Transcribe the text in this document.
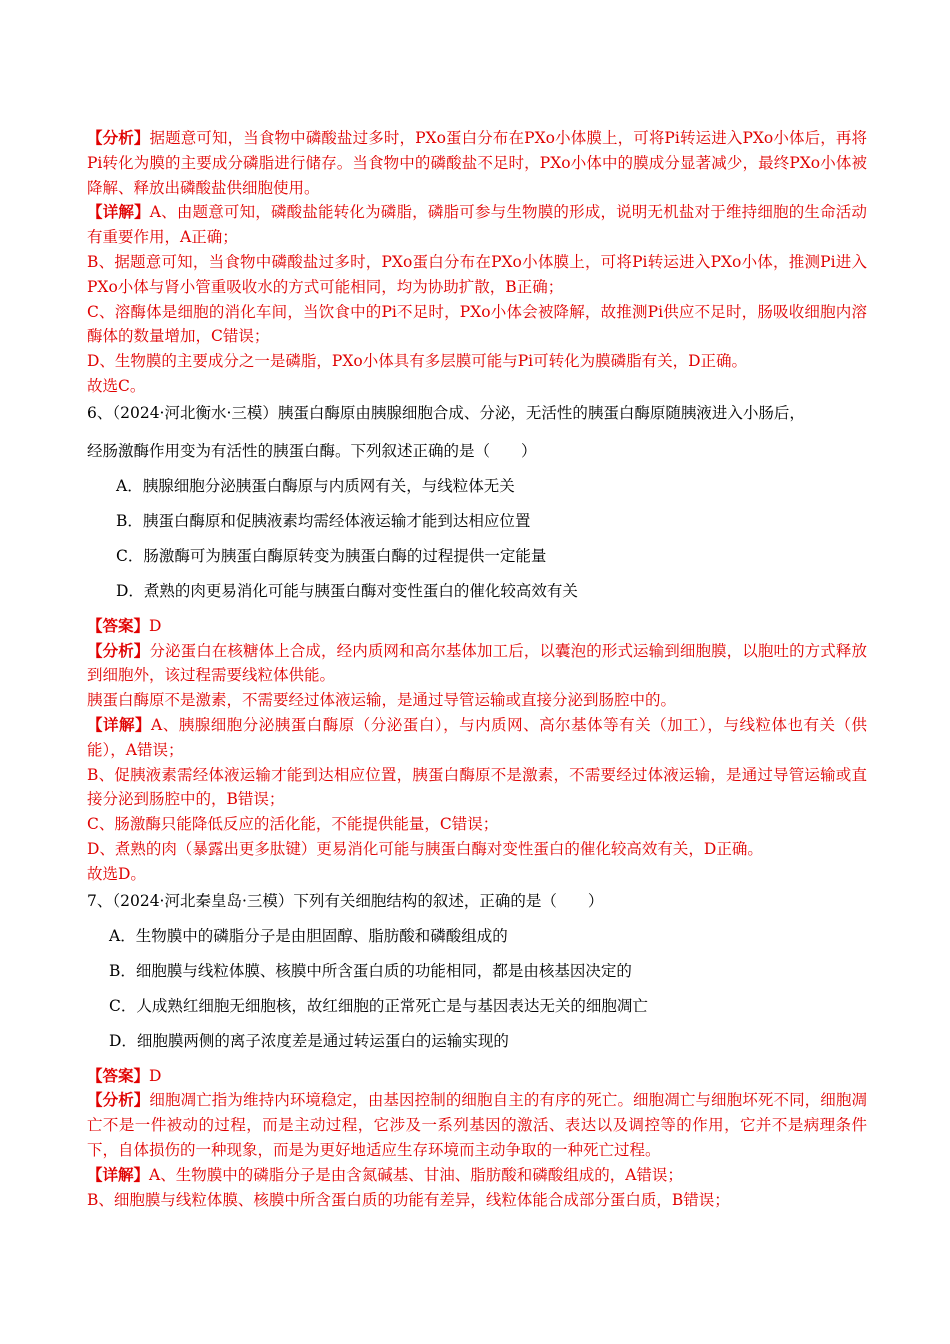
【分析】据题意可知，当食物中磷酸盐过多时，PXo蛋白分布在PXo小体膜上，可将Pi转运进入PXo小体后，再将Pi转化为膜的主要成分磷脂进行储存。当食物中的磷酸盐不足时，PXo小体中的膜成分显著减少，最终PXo小体被降解、释放出磷酸盐供细胞使用。

【详解】A、由题意可知，磷酸盐能转化为磷脂，磷脂可参与生物膜的形成，说明无机盐对于维持细胞的生命活动有重要作用，A正确；

B、据题意可知，当食物中磷酸盐过多时，PXo蛋白分布在PXo小体膜上，可将Pi转运进入PXo小体，推测Pi进入PXo小体与肾小管重吸收水的方式可能相同，均为协助扩散，B正确；

C、溶酶体是细胞的消化车间，当饮食中的Pi不足时，PXo小体会被降解，故推测Pi供应不足时，肠吸收细胞内溶酶体的数量增加，C错误；

D、生物膜的主要成分之一是磷脂，PXo小体具有多层膜可能与Pi可转化为膜磷脂有关，D正确。

故选C。

6、（2024·河北衡水·三模）胰蛋白酶原由胰腺细胞合成、分泌，无活性的胰蛋白酶原随胰液进入小肠后，

经肠激酶作用变为有活性的胰蛋白酶。下列叙述正确的是（　　）

A．胰腺细胞分泌胰蛋白酶原与内质网有关，与线粒体无关

B．胰蛋白酶原和促胰液素均需经体液运输才能到达相应位置

C．肠激酶可为胰蛋白酶原转变为胰蛋白酶的过程提供一定能量

D．煮熟的肉更易消化可能与胰蛋白酶对变性蛋白的催化较高效有关

【答案】D

【分析】分泌蛋白在核糖体上合成，经内质网和高尔基体加工后，以囊泡的形式运输到细胞膜，以胞吐的方式释放到细胞外，该过程需要线粒体供能。

胰蛋白酶原不是激素，不需要经过体液运输，是通过导管运输或直接分泌到肠腔中的。

【详解】A、胰腺细胞分泌胰蛋白酶原（分泌蛋白），与内质网、高尔基体等有关（加工），与线粒体也有关（供能），A错误；

B、促胰液素需经体液运输才能到达相应位置，胰蛋白酶原不是激素，不需要经过体液运输，是通过导管运输或直接分泌到肠腔中的，B错误；

C、肠激酶只能降低反应的活化能，不能提供能量，C错误；

D、煮熟的肉（暴露出更多肽键）更易消化可能与胰蛋白酶对变性蛋白的催化较高效有关，D正确。

故选D。

7、（2024·河北秦皇岛·三模）下列有关细胞结构的叙述，正确的是（　　）

A．生物膜中的磷脂分子是由胆固醇、脂肪酸和磷酸组成的

B．细胞膜与线粒体膜、核膜中所含蛋白质的功能相同，都是由核基因决定的

C．人成熟红细胞无细胞核，故红细胞的正常死亡是与基因表达无关的细胞凋亡

D．细胞膜两侧的离子浓度差是通过转运蛋白的运输实现的

【答案】D

【分析】细胞凋亡指为维持内环境稳定，由基因控制的细胞自主的有序的死亡。细胞凋亡与细胞坏死不同，细胞凋亡不是一件被动的过程，而是主动过程，它涉及一系列基因的激活、表达以及调控等的作用，它并不是病理条件下，自体损伤的一种现象，而是为更好地适应生存环境而主动争取的一种死亡过程。

【详解】A、生物膜中的磷脂分子是由含氮碱基、甘油、脂肪酸和磷酸组成的，A错误；

B、细胞膜与线粒体膜、核膜中所含蛋白质的功能有差异，线粒体能合成部分蛋白质，B错误；
